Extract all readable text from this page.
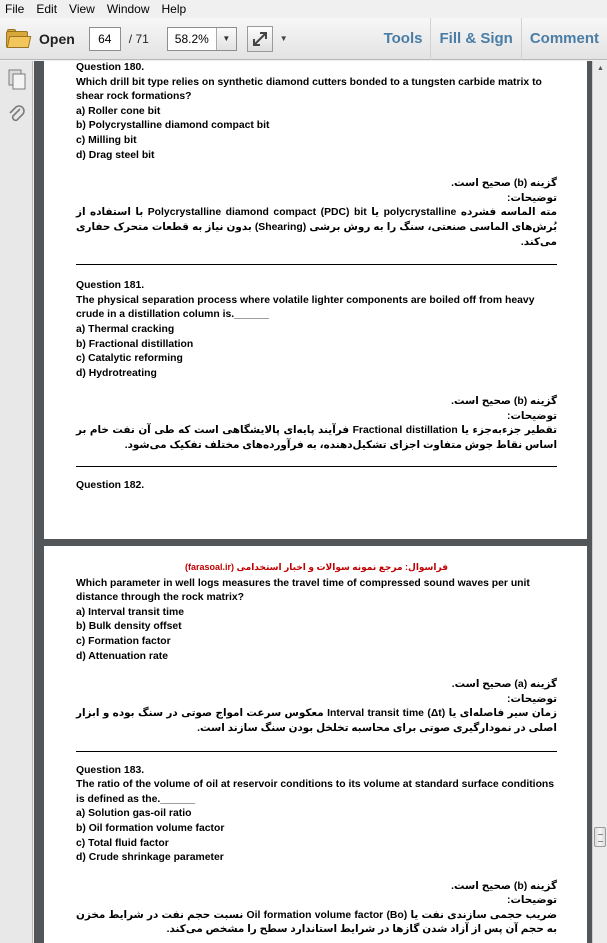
File	Edit	View	Window	Help
Open	64	/ 71	58.2%	▼	▼	Tools	Fill & Sign	Comment
Question 180.
Which drill bit type relies on synthetic diamond cutters bonded to a tungsten carbide matrix to shear rock formations?
a) Roller cone bit
b) Polycrystalline diamond compact bit
c) Milling bit
d) Drag steel bit
گزینه (b) صحیح است.
توضیحات:
مته الماسه فشرده polycrystalline یا Polycrystalline diamond compact (PDC) bit با استفاده از بُرش‌های الماسی صنعتی، سنگ را به روش برشی (Shearing) بدون نیاز به قطعات متحرک حفاری می‌کند.
Question 181.
The physical separation process where volatile lighter components are boiled off from heavy crude in a distillation column is.______
a) Thermal cracking
b) Fractional distillation
c) Catalytic reforming
d) Hydrotreating
گزینه (b) صحیح است.
توضیحات:
تقطیر جزء‌به‌جزء یا Fractional distillation فرآیند پایه‌ای پالایشگاهی است که طی آن نفت خام بر اساس نقاط جوش متفاوت اجزای تشکیل‌دهنده، به فرآورده‌های مختلف تفکیک می‌شود.
Question 182.
فراسوال: مرجع نمونه سوالات و اخبار استخدامی (farasoal.ir)
Which parameter in well logs measures the travel time of compressed sound waves per unit distance through the rock matrix?
a) Interval transit time
b) Bulk density offset
c) Formation factor
d) Attenuation rate
گزینه (a) صحیح است.
توضیحات:
زمان سیر فاصله‌ای یا (Δt) Interval transit time معکوس سرعت امواج صوتی در سنگ بوده و ابزار اصلی در نمودارگیری صوتی برای محاسبه تخلخل بودن سنگ سازند است.
Question 183.
The ratio of the volume of oil at reservoir conditions to its volume at standard surface conditions is defined as the.______
a) Solution gas-oil ratio
b) Oil formation volume factor
c) Total fluid factor
d) Crude shrinkage parameter
گزینه (b) صحیح است.
توضیحات:
ضریب حجمی سازندی نفت یا (Bo) Oil formation volume factor نسبت حجم نفت در شرایط مخزن به حجم آن پس از آزاد شدن گازها در شرایط استاندارد سطح را مشخص می‌کند.
▲
